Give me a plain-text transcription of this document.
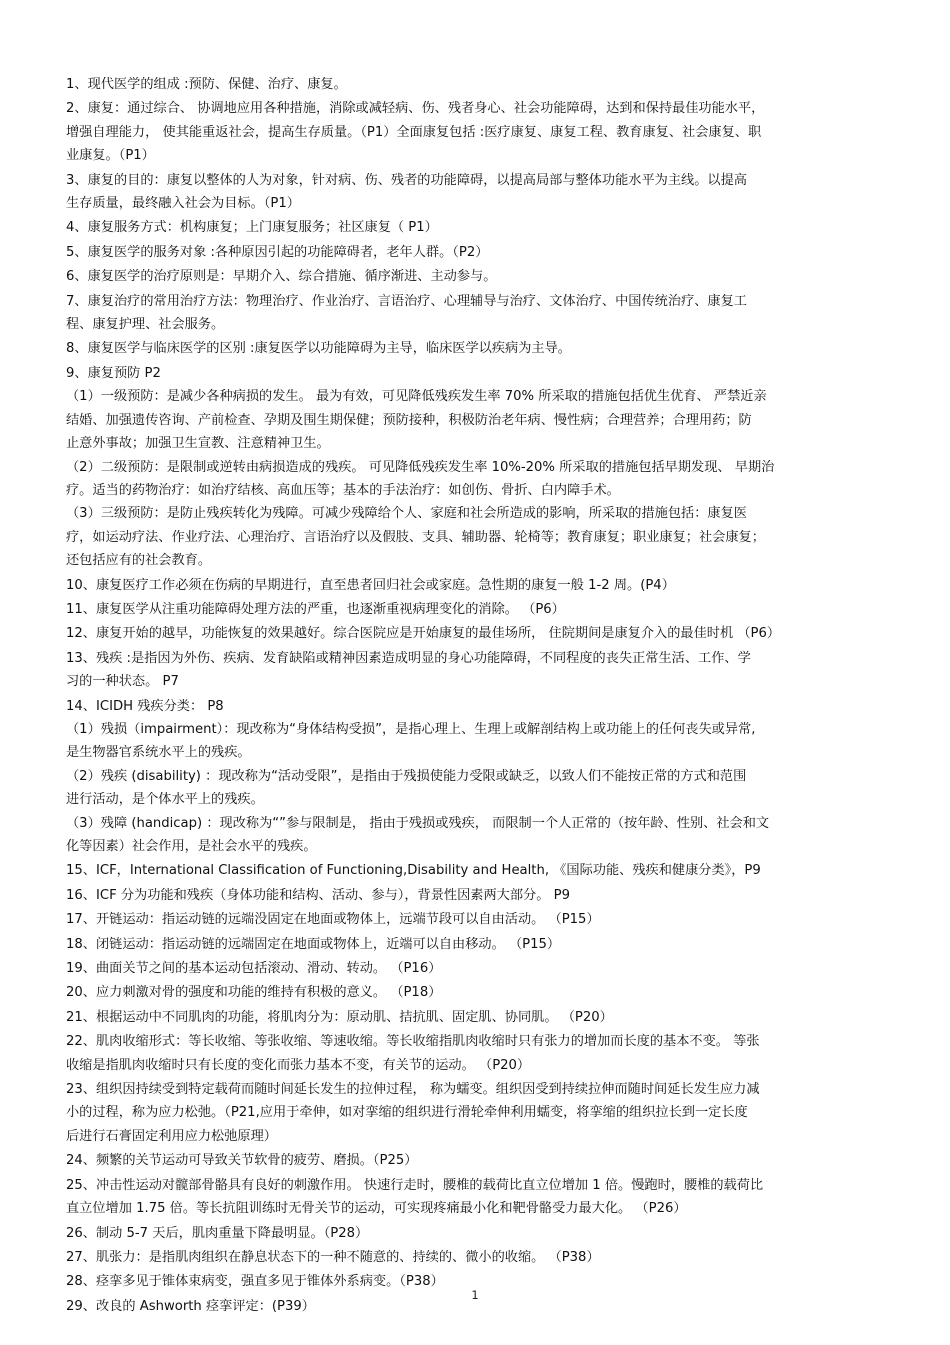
1、现代医学的组成 :预防、保健、治疗、康复。
2、康复：通过综合、 协调地应用各种措施，消除或减轻病、伤、残者身心、社会功能障碍，达到和保持最佳功能水平，
增强自理能力， 使其能重返社会，提高生存质量。（P1）全面康复包括 :医疗康复、康复工程、教育康复、社会康复、职
业康复。（P1）
3、康复的目的：康复以整体的人为对象，针对病、伤、残者的功能障碍，以提高局部与整体功能水平为主线。以提高
生存质量，最终融入社会为目标。（P1）
4、康复服务方式：机构康复；上门康复服务；社区康复（ P1）
5、康复医学的服务对象 :各种原因引起的功能障碍者，老年人群。（P2）
6、康复医学的治疗原则是：早期介入、综合措施、循序渐进、主动参与。
7、康复治疗的常用治疗方法：物理治疗、作业治疗、言语治疗、心理辅导与治疗、文体治疗、中国传统治疗、康复工
程、康复护理、社会服务。
8、康复医学与临床医学的区别 :康复医学以功能障碍为主导，临床医学以疾病为主导。
9、康复预防 P2
（1）一级预防：是减少各种病损的发生。 最为有效，可见降低残疾发生率 70% 所采取的措施包括优生优育、 严禁近亲
结婚、加强遗传咨询、产前检查、孕期及围生期保健；预防接种，积极防治老年病、慢性病；合理营养；合理用药；防
止意外事故；加强卫生宣教、注意精神卫生。
（2）二级预防：是限制或逆转由病损造成的残疾。 可见降低残疾发生率 10%-20% 所采取的措施包括早期发现、 早期治
疗。适当的药物治疗：如治疗结核、高血压等；基本的手法治疗：如创伤、骨折、白内障手术。
（3）三级预防：是防止残疾转化为残障。可减少残障给个人、家庭和社会所造成的影响，所采取的措施包括：康复医
疗，如运动疗法、作业疗法、心理治疗、言语治疗以及假肢、支具、辅助器、轮椅等；教育康复；职业康复；社会康复；
还包括应有的社会教育。
10、康复医疗工作必须在伤病的早期进行，直至患者回归社会或家庭。急性期的康复一般 1-2 周。(P4）
11、康复医学从注重功能障碍处理方法的严重，也逐渐重视病理变化的消除。 （P6）
12、康复开始的越早，功能恢复的效果越好。综合医院应是开始康复的最佳场所， 住院期间是康复介入的最佳时机 （P6）
13、残疾 :是指因为外伤、疾病、发育缺陷或精神因素造成明显的身心功能障碍，不同程度的丧失正常生活、工作、学
习的一种状态。 P7
14、ICIDH 残疾分类： P8
（1）残损（impairment）：现改称为“身体结构受损”，是指心理上、生理上或解剖结构上或功能上的任何丧失或异常,
是生物器官系统水平上的残疾。
（2）残疾 (disability) ：现改称为“活动受限”，是指由于残损使能力受限或缺乏，以致人们不能按正常的方式和范围
进行活动，是个体水平上的残疾。
（3）残障 (handicap) ：现改称为“”参与限制是， 指由于残损或残疾， 而限制一个人正常的（按年龄、性别、社会和文
化等因素）社会作用，是社会水平的残疾。
15、ICF，International Classification of Functioning,Disability and Health, 《国际功能、残疾和健康分类》，P9
16、ICF 分为功能和残疾（身体功能和结构、活动、参与），背景性因素两大部分。 P9
17、开链运动：指运动链的远端没固定在地面或物体上，远端节段可以自由活动。 （P15）
18、闭链运动：指运动链的远端固定在地面或物体上，近端可以自由移动。 （P15）
19、曲面关节之间的基本运动包括滚动、滑动、转动。 （P16）
20、应力刺激对骨的强度和功能的维持有积极的意义。 （P18）
21、根据运动中不同肌肉的功能，将肌肉分为：原动肌、拮抗肌、固定肌、协同肌。 （P20）
22、肌肉收缩形式：等长收缩、等张收缩、等速收缩。等长收缩指肌肉收缩时只有张力的增加而长度的基本不变。 等张
收缩是指肌肉收缩时只有长度的变化而张力基本不变，有关节的运动。 （P20）
23、组织因持续受到特定载荷而随时间延长发生的拉伸过程， 称为蠕变。组织因受到持续拉伸而随时间延长发生应力减
小的过程，称为应力松弛。（P21,应用于牵伸，如对挛缩的组织进行滑轮牵伸利用蠕变，将挛缩的组织拉长到一定长度
后进行石膏固定利用应力松弛原理）
24、频繁的关节运动可导致关节软骨的疲劳、磨损。（P25）
25、冲击性运动对髋部骨骼具有良好的刺激作用。 快速行走时，腰椎的载荷比直立位增加 1 倍。慢跑时，腰椎的载荷比
直立位增加 1.75 倍。等长抗阻训练时无骨关节的运动，可实现疼痛最小化和靶骨骼受力最大化。 （P26）
26、制动 5-7 天后，肌肉重量下降最明显。（P28）
27、肌张力：是指肌肉组织在静息状态下的一种不随意的、持续的、微小的收缩。 （P38）
28、痉挛多见于锥体束病变，强直多见于锥体外系病变。（P38）
29、改良的 Ashworth 痉挛评定：(P39）
1
